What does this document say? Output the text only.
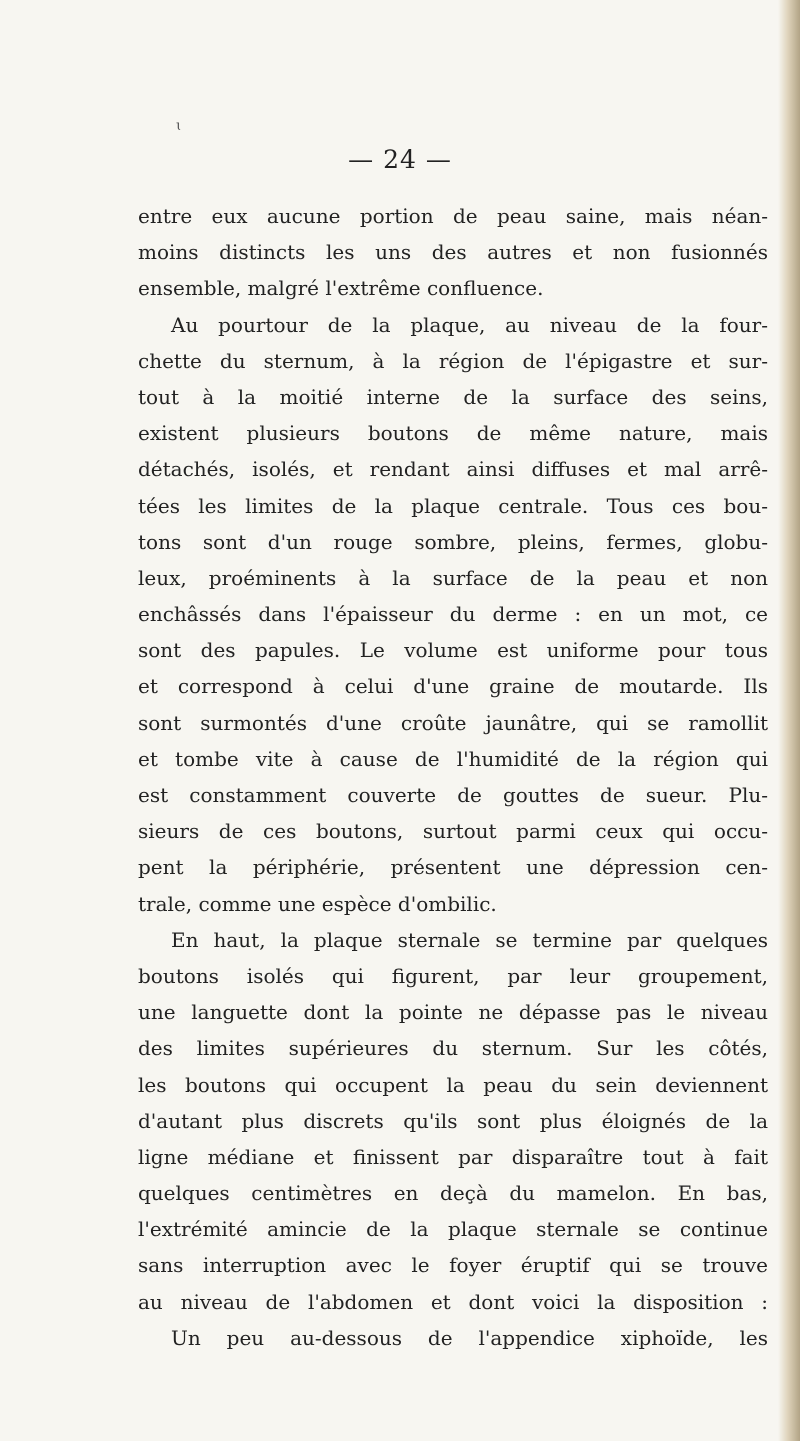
ɩ
— 24 —
entre eux aucune portion de peau saine, mais néan-
moins distincts les uns des autres et non fusionnés
ensemble, malgré l'extrême confluence.
Au pourtour de la plaque, au niveau de la four-
chette du sternum, à la région de l'épigastre et sur-
tout à la moitié interne de la surface des seins,
existent plusieurs boutons de même nature, mais
détachés, isolés, et rendant ainsi diffuses et mal arrê-
tées les limites de la plaque centrale. Tous ces bou-
tons sont d'un rouge sombre, pleins, fermes, globu-
leux, proéminents à la surface de la peau et non
enchâssés dans l'épaisseur du derme : en un mot, ce
sont des papules. Le volume est uniforme pour tous
et correspond à celui d'une graine de moutarde. Ils
sont surmontés d'une croûte jaunâtre, qui se ramollit
et tombe vite à cause de l'humidité de la région qui
est constamment couverte de gouttes de sueur. Plu-
sieurs de ces boutons, surtout parmi ceux qui occu-
pent la périphérie, présentent une dépression cen-
trale, comme une espèce d'ombilic.
En haut, la plaque sternale se termine par quelques
boutons isolés qui figurent, par leur groupement,
une languette dont la pointe ne dépasse pas le niveau
des limites supérieures du sternum. Sur les côtés,
les boutons qui occupent la peau du sein deviennent
d'autant plus discrets qu'ils sont plus éloignés de la
ligne médiane et finissent par disparaître tout à fait
quelques centimètres en deçà du mamelon. En bas,
l'extrémité amincie de la plaque sternale se continue
sans interruption avec le foyer éruptif qui se trouve
au niveau de l'abdomen et dont voici la disposition :
Un peu au-dessous de l'appendice xiphoïde, les
